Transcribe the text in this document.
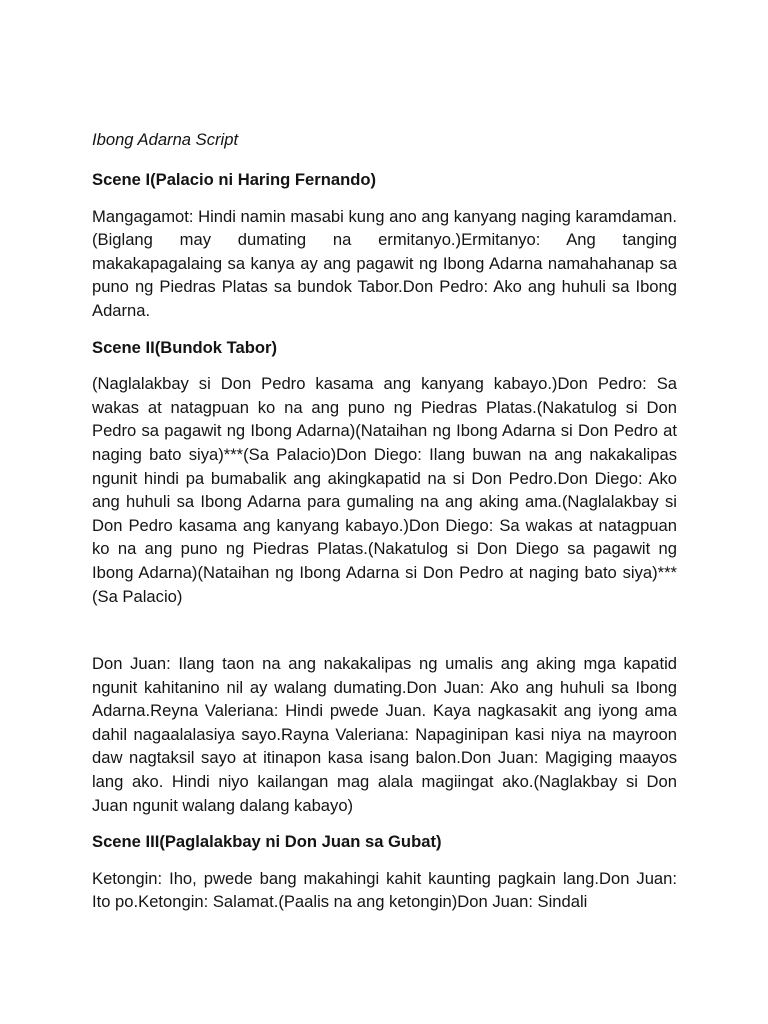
Ibong Adarna Script

Scene I(Palacio ni Haring Fernando)

Mangagamot: Hindi namin masabi kung ano ang kanyang naging karamdaman.(Biglang may dumating na ermitanyo.)Ermitanyo: Ang tanging makakapagalaing sa kanya ay ang pagawit ng Ibong Adarna namahahanap sa puno ng Piedras Platas sa bundok Tabor.Don Pedro: Ako ang huhuli sa Ibong Adarna.

Scene II(Bundok Tabor)

(Naglalakbay si Don Pedro kasama ang kanyang kabayo.)Don Pedro: Sa wakas at natagpuan ko na ang puno ng Piedras Platas.(Nakatulog si Don Pedro sa pagawit ng Ibong Adarna)(Nataihan ng Ibong Adarna si Don Pedro at naging bato siya)***(Sa Palacio)Don Diego: Ilang buwan na ang nakakalipas ngunit hindi pa bumabalik ang akingkapatid na si Don Pedro.Don Diego: Ako ang huhuli sa Ibong Adarna para gumaling na ang aking ama.(Naglalakbay si Don Pedro kasama ang kanyang kabayo.)Don Diego: Sa wakas at natagpuan ko na ang puno ng Piedras Platas.(Nakatulog si Don Diego sa pagawit ng Ibong Adarna)(Nataihan ng Ibong Adarna si Don Pedro at naging bato siya)***(Sa Palacio)

Don Juan: Ilang taon na ang nakakalipas ng umalis ang aking mga kapatid ngunit kahitanino nil ay walang dumating.Don Juan: Ako ang huhuli sa Ibong Adarna.Reyna Valeriana: Hindi pwede Juan. Kaya nagkasakit ang iyong ama dahil nagaalalasiya sayo.Rayna Valeriana: Napaginipan kasi niya na mayroon daw nagtaksil sayo at itinapon kasa isang balon.Don Juan: Magiging maayos lang ako. Hindi niyo kailangan mag alala magiingat ako.(Naglakbay si Don Juan ngunit walang dalang kabayo)

Scene III(Paglalakbay ni Don Juan sa Gubat)

Ketongin: Iho, pwede bang makahingi kahit kaunting pagkain lang.Don Juan: Ito po.Ketongin: Salamat.(Paalis na ang ketongin)Don Juan: Sindali
